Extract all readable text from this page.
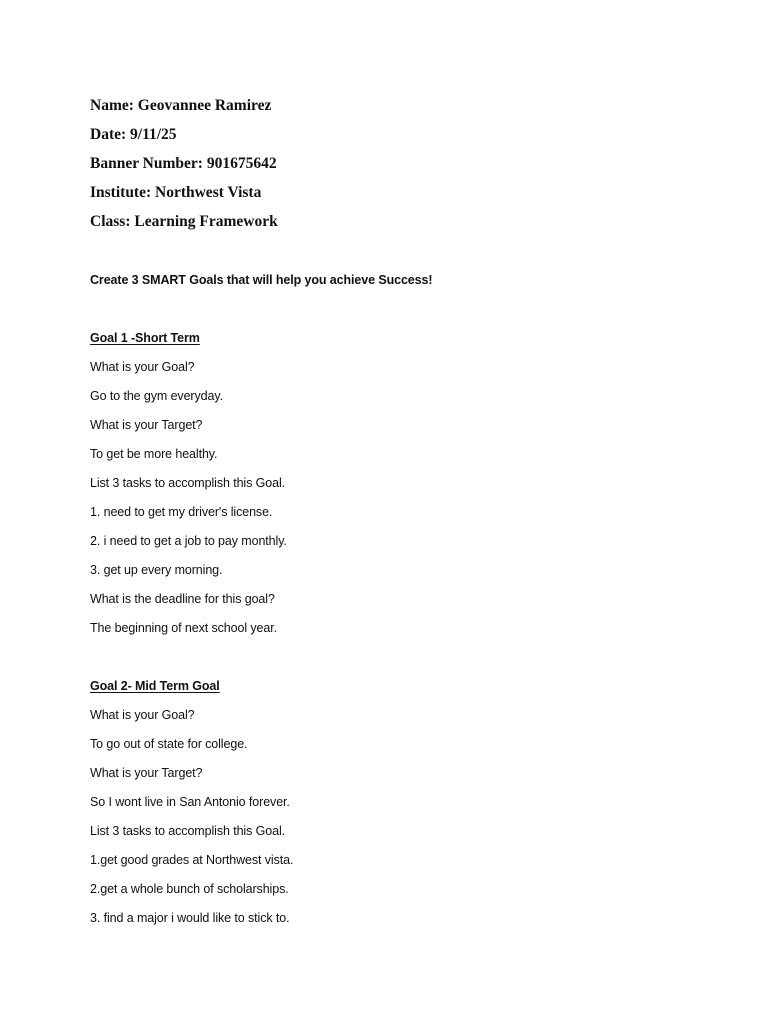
Name: Geovannee Ramirez
Date: 9/11/25
Banner Number: 901675642
Institute: Northwest Vista
Class: Learning Framework
Create 3 SMART Goals that will help you achieve Success!
Goal 1 -Short Term
What is your Goal?
Go to the gym everyday.
What is your Target?
To get be more healthy.
List 3 tasks to accomplish this Goal.
1. need to get my driver's license.
2. i need to get a job to pay monthly.
3. get up every morning.
What is the deadline for this goal?
The beginning of next school year.
Goal 2- Mid Term Goal
What is your Goal?
To go out of state for college.
What is your Target?
So I wont live in San Antonio forever.
List 3 tasks to accomplish this Goal.
1.get good grades at Northwest vista.
2.get a whole bunch of scholarships.
3. find a major i would like to stick to.
